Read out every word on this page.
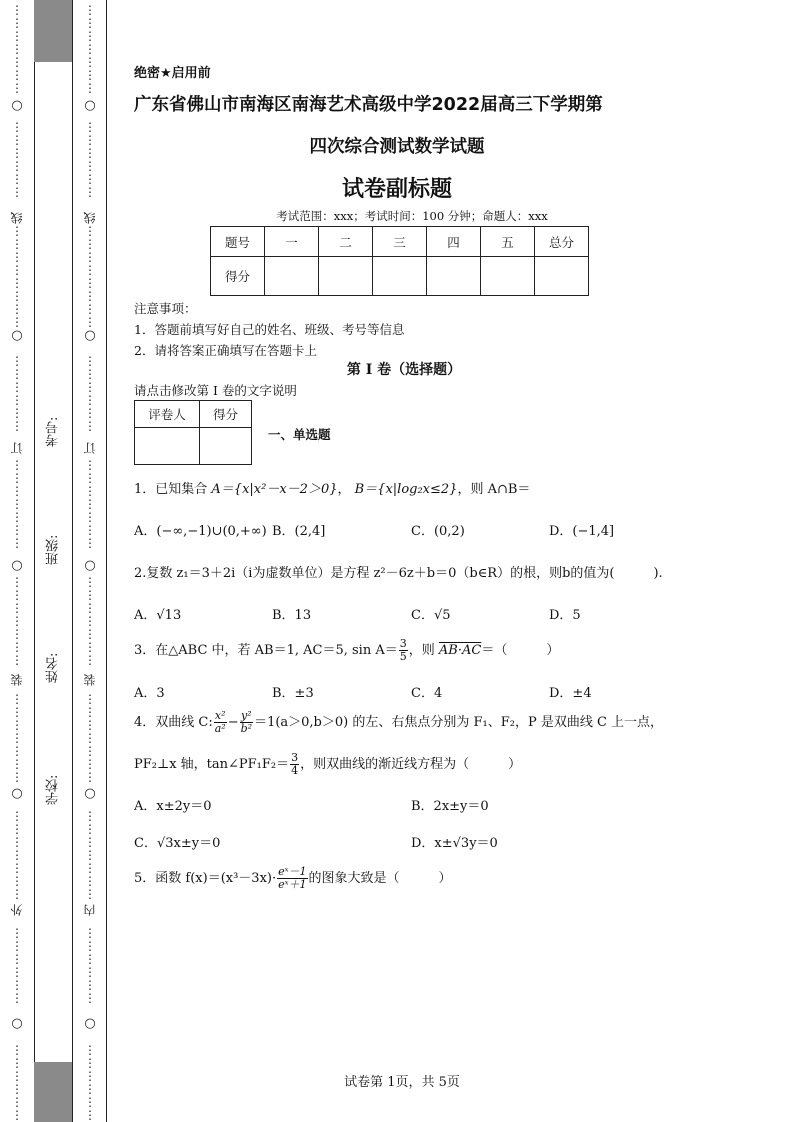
⋮
⋮
⋮
⋮
⋮
⋮
⋮
⋮
⋮
⋮
⋮
⋮
⋮
⋮
⋮
⋮
⋮
⋮
⋮
⋮
⋮
⋮
⋮
⋮
⋮
⋮
⋮
⋮
⋮
⋮
⋮
⋮
⋮
⋮
⋮
⋮
⋮
⋮
⋮
⋮
⋮
⋮
⋮
⋮
⋮
⋮
⋮
⋮
⋮
⋮
⋮
⋮
⋮
⋮
⋮
⋮
⋮
⋮
⋮
⋮
⋮
⋮
⋮
⋮
⋮
⋮
⋮
线
订
装
外
○
○
○
○
○
⋮
⋮
⋮
⋮
⋮
⋮
⋮
⋮
⋮
⋮
⋮
⋮
⋮
⋮
⋮
⋮
⋮
⋮
⋮
⋮
⋮
⋮
⋮
⋮
⋮
⋮
⋮
⋮
⋮
⋮
⋮
⋮
⋮
⋮
⋮
⋮
⋮
⋮
⋮
⋮
⋮
⋮
⋮
⋮
⋮
⋮
⋮
⋮
⋮
⋮
⋮
⋮
⋮
⋮
⋮
⋮
⋮
⋮
⋮
⋮
⋮
⋮
⋮
⋮
⋮
⋮
⋮
线
订
装
内
○
○
○
○
○
考号:
班级:
姓名:
学校:
绝密★启用前
广东省佛山市南海区南海艺术高级中学2022届高三下学期第
四次综合测试数学试题
试卷副标题
考试范围：xxx；考试时间：100 分钟；命题人：xxx
题号	一	二	三	四	五	总分
得分						
注意事项：
1．答题前填写好自己的姓名、班级、考号等信息
2．请将答案正确填写在答题卡上
第 I 卷（选择题）
请点击修改第 I 卷的文字说明
评卷人	得分

一、单选题
1．已知集合 A＝{x|x²－x－2＞0}， B＝{x|log₂x≤2}，则 A∩B＝
A．(−∞,−1)∪(0,+∞) B．(2,4]	C．(0,2)	D．(−1,4]
2.复数 z₁＝3＋2i（i为虚数单位）是方程 z²－6z＋b＝0（b∈R）的根，则b的值为(　　　).
A．√13	B．13	C．√5	D．5
3．在△ABC 中，若 AB＝1, AC＝5, $\sin A= \frac{3}{5}$ ，则 AB·AC＝（　　　）
A．3	B．±3	C．4	D．±4
4．双曲线 C: $\frac{\text{x²}}{\text{a²}} - \frac{\text{y²}}{\text{b²}} =1(a>0,b>0)$ 的左、右焦点分别为 F₁、F₂，P 是双曲线 C 上一点，
PF₂⊥x 轴，tan∠PF₁F₂＝ $\frac{3}{4}$ ，则双曲线的渐近线方程为（　　　）
A．x±2y＝0	B．2x±y＝0
C．√3x±y＝0	D．x±√3y＝0
5．函数 $f(x)=(x^3-3x)\cdot \frac{\text{eˣ－1}}{\text{eˣ＋1}}$ 的图象大致是（　　　）
试卷第 1页，共 5页
